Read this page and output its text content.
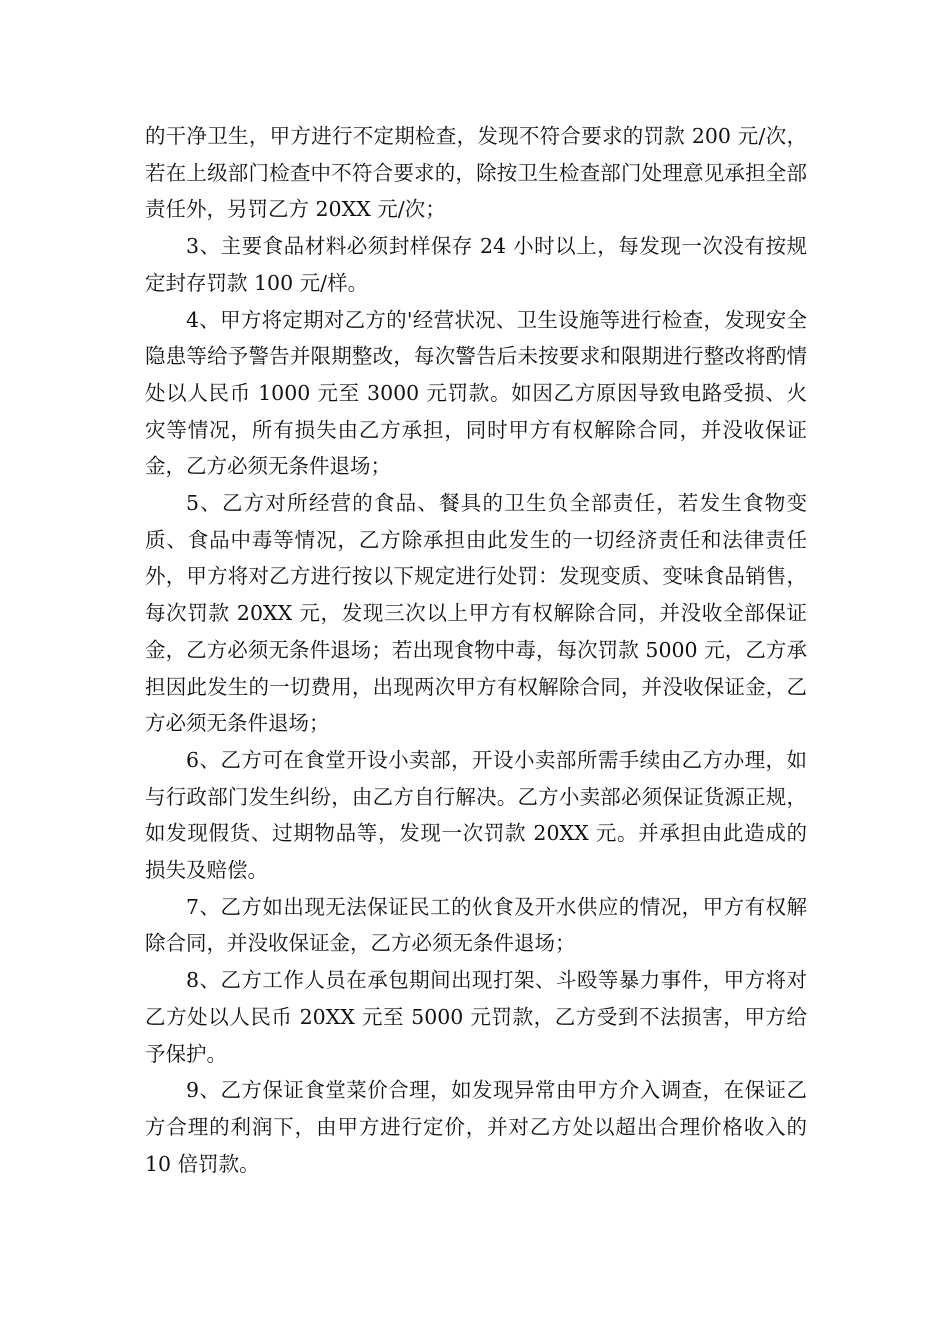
的干净卫生，甲方进行不定期检查，发现不符合要求的罚款 200 元/次，若在上级部门检查中不符合要求的，除按卫生检查部门处理意见承担全部责任外，另罚乙方 20XX 元/次；

3、主要食品材料必须封样保存 24 小时以上，每发现一次没有按规定封存罚款 100 元/样。

4、甲方将定期对乙方的'经营状况、卫生设施等进行检查，发现安全隐患等给予警告并限期整改，每次警告后未按要求和限期进行整改将酌情处以人民币 1000 元至 3000 元罚款。如因乙方原因导致电路受损、火灾等情况，所有损失由乙方承担，同时甲方有权解除合同，并没收保证金，乙方必须无条件退场；

5、乙方对所经营的食品、餐具的卫生负全部责任，若发生食物变质、食品中毒等情况，乙方除承担由此发生的一切经济责任和法律责任外，甲方将对乙方进行按以下规定进行处罚：发现变质、变味食品销售，每次罚款 20XX 元，发现三次以上甲方有权解除合同，并没收全部保证金，乙方必须无条件退场；若出现食物中毒，每次罚款 5000 元，乙方承担因此发生的一切费用，出现两次甲方有权解除合同，并没收保证金，乙方必须无条件退场；

6、乙方可在食堂开设小卖部，开设小卖部所需手续由乙方办理，如与行政部门发生纠纷，由乙方自行解决。乙方小卖部必须保证货源正规，如发现假货、过期物品等，发现一次罚款 20XX 元。并承担由此造成的损失及赔偿。

7、乙方如出现无法保证民工的伙食及开水供应的情况，甲方有权解除合同，并没收保证金，乙方必须无条件退场；

8、乙方工作人员在承包期间出现打架、斗殴等暴力事件，甲方将对乙方处以人民币 20XX 元至 5000 元罚款，乙方受到不法损害，甲方给予保护。

9、乙方保证食堂菜价合理，如发现异常由甲方介入调查，在保证乙方合理的利润下，由甲方进行定价，并对乙方处以超出合理价格收入的 10 倍罚款。
